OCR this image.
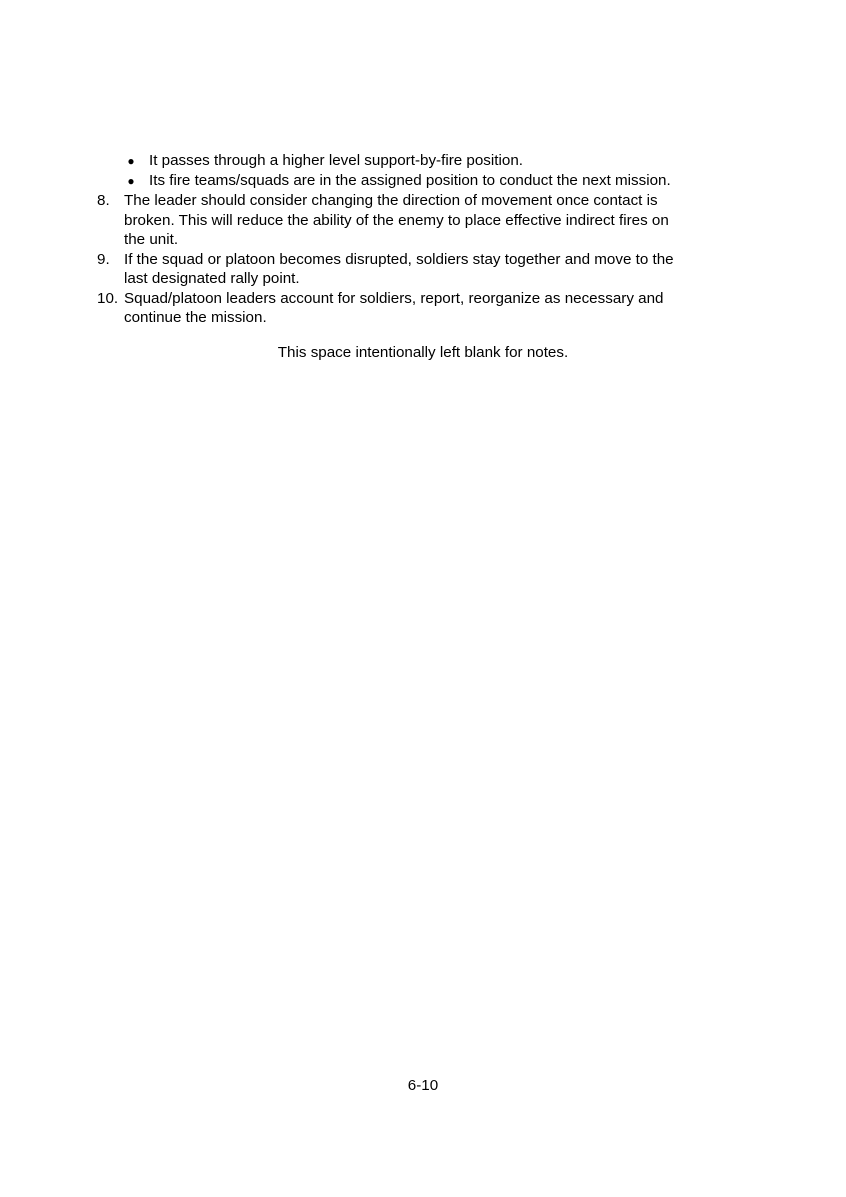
● It passes through a higher level support-by-fire position.
● Its fire teams/squads are in the assigned position to conduct the next mission.
8. The leader should consider changing the direction of movement once contact is
broken. This will reduce the ability of the enemy to place effective indirect fires on
the unit.
9. If the squad or platoon becomes disrupted, soldiers stay together and move to the
last designated rally point.
10. Squad/platoon leaders account for soldiers, report, reorganize as necessary and
continue the mission.
This space intentionally left blank for notes.
6-10
